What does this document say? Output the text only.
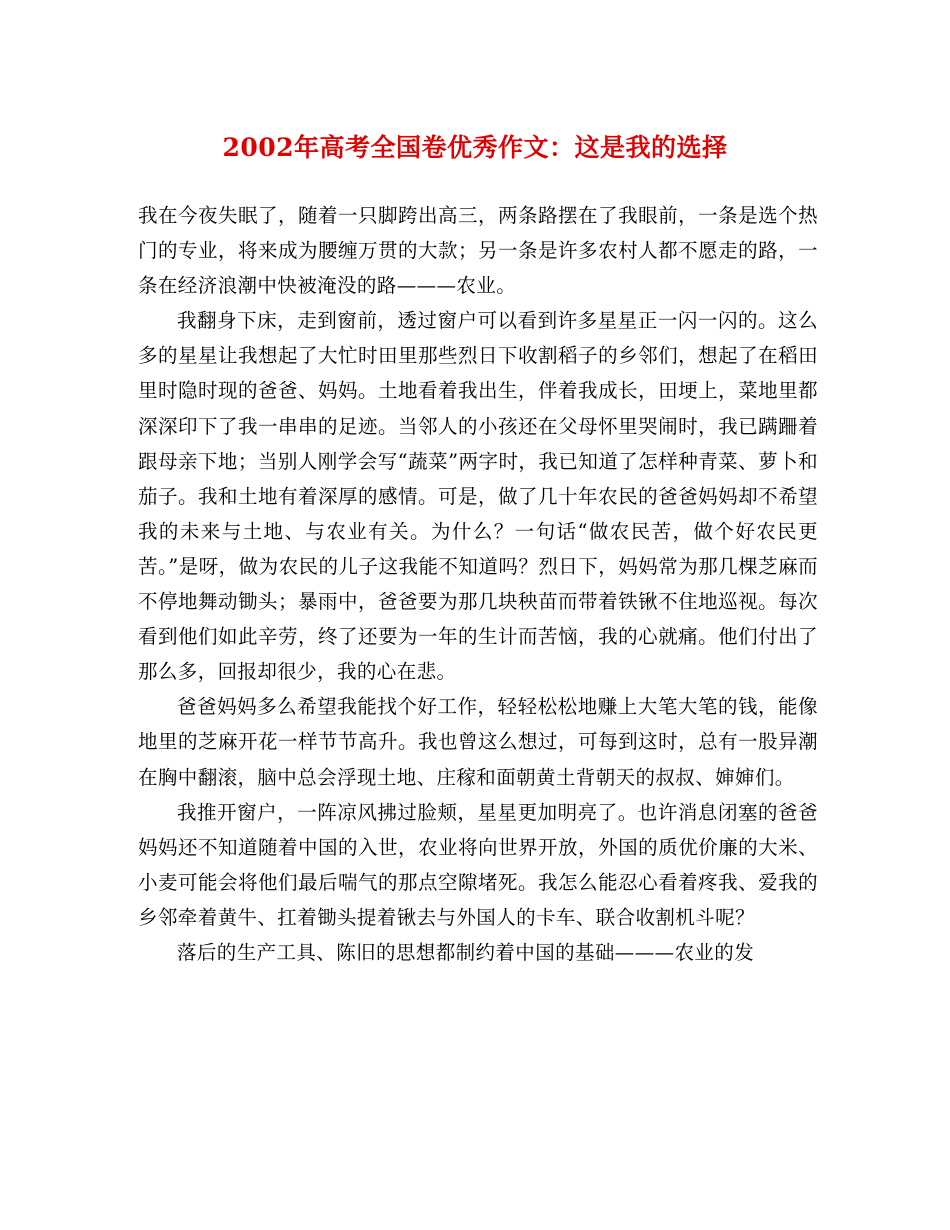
2002年高考全国卷优秀作文：这是我的选择

我在今夜失眠了，随着一只脚跨出高三，两条路摆在了我眼前，一条是选个热门的专业，将来成为腰缠万贯的大款；另一条是许多农村人都不愿走的路，一条在经济浪潮中快被淹没的路———农业。

我翻身下床，走到窗前，透过窗户可以看到许多星星正一闪一闪的。这么多的星星让我想起了大忙时田里那些烈日下收割稻子的乡邻们，想起了在稻田里时隐时现的爸爸、妈妈。土地看着我出生，伴着我成长，田埂上，菜地里都深深印下了我一串串的足迹。当邻人的小孩还在父母怀里哭闹时，我已蹒跚着跟母亲下地；当别人刚学会写“蔬菜”两字时，我已知道了怎样种青菜、萝卜和茄子。我和土地有着深厚的感情。可是，做了几十年农民的爸爸妈妈却不希望我的未来与土地、与农业有关。为什么？一句话“做农民苦，做个好农民更苦。”是呀，做为农民的儿子这我能不知道吗？烈日下，妈妈常为那几棵芝麻而不停地舞动锄头；暴雨中，爸爸要为那几块秧苗而带着铁锹不住地巡视。每次看到他们如此辛劳，终了还要为一年的生计而苦恼，我的心就痛。他们付出了那么多，回报却很少，我的心在悲。

爸爸妈妈多么希望我能找个好工作，轻轻松松地赚上大笔大笔的钱，能像地里的芝麻开花一样节节高升。我也曾这么想过，可每到这时，总有一股异潮在胸中翻滚，脑中总会浮现土地、庄稼和面朝黄土背朝天的叔叔、婶婶们。

我推开窗户，一阵凉风拂过脸颊，星星更加明亮了。也许消息闭塞的爸爸妈妈还不知道随着中国的入世，农业将向世界开放，外国的质优价廉的大米、小麦可能会将他们最后喘气的那点空隙堵死。我怎么能忍心看着疼我、爱我的乡邻牵着黄牛、扛着锄头提着锹去与外国人的卡车、联合收割机斗呢？

落后的生产工具、陈旧的思想都制约着中国的基础———农业的发
